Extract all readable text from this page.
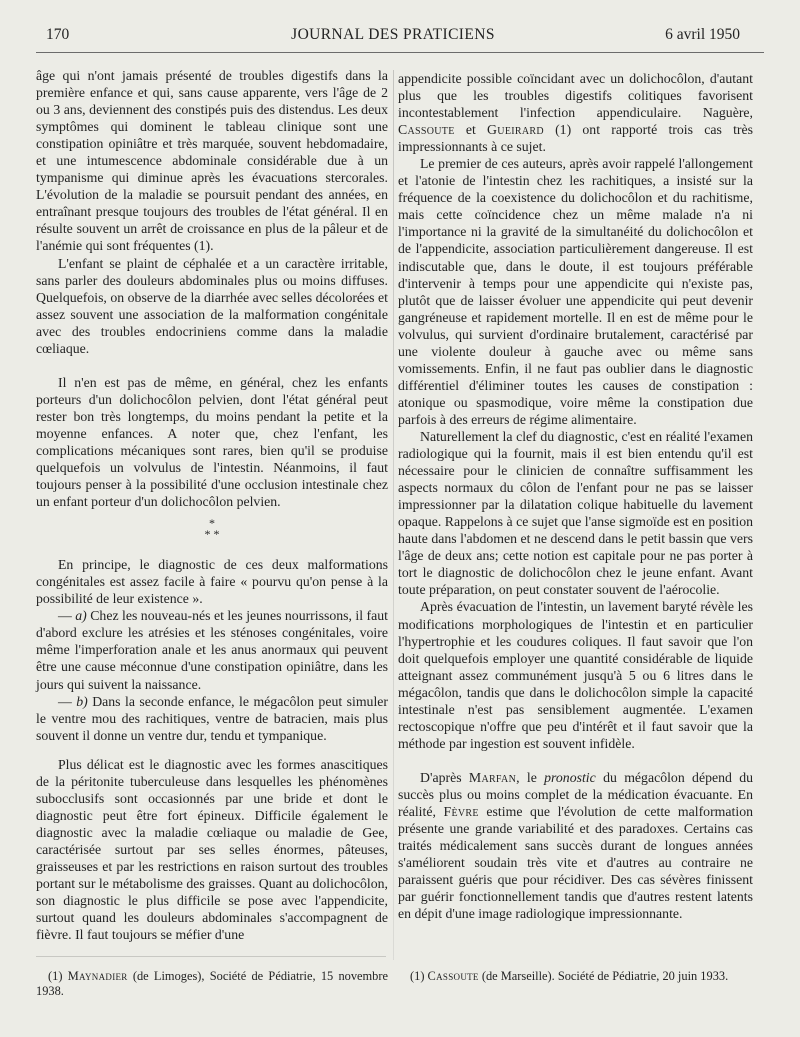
170	JOURNAL DES PRATICIENS	6 avril 1950

âge qui n'ont jamais présenté de troubles digestifs dans la première enfance et qui, sans cause apparente, vers l'âge de 2 ou 3 ans, deviennent des constipés puis des distendus. Les deux symptômes qui dominent le tableau clinique sont une constipation opiniâtre et très marquée, souvent hebdomadaire, et une intumescence abdominale considérable due à un tympanisme qui diminue après les évacuations stercorales. L'évolution de la maladie se poursuit pendant des années, en entraînant presque toujours des troubles de l'état général. Il en résulte souvent un arrêt de croissance en plus de la pâleur et de l'anémie qui sont fréquentes (1).

L'enfant se plaint de céphalée et a un caractère irritable, sans parler des douleurs abdominales plus ou moins diffuses. Quelquefois, on observe de la diarrhée avec selles décolorées et assez souvent une association de la malformation congénitale avec des troubles endocriniens comme dans la maladie cœliaque.

Il n'en est pas de même, en général, chez les enfants porteurs d'un dolichocôlon pelvien, dont l'état général peut rester bon très longtemps, du moins pendant la petite et la moyenne enfances. A noter que, chez l'enfant, les complications mécaniques sont rares, bien qu'il se produise quelquefois un volvulus de l'intestin. Néanmoins, il faut toujours penser à la possibilité d'une occlusion intestinale chez un enfant porteur d'un dolichocôlon pelvien.

*
* *

En principe, le diagnostic de ces deux malformations congénitales est assez facile à faire « pourvu qu'on pense à la possibilité de leur existence ».

— a) Chez les nouveau-nés et les jeunes nourrissons, il faut d'abord exclure les atrésies et les sténoses congénitales, voire même l'imperforation anale et les anus anormaux qui peuvent être une cause méconnue d'une constipation opiniâtre, dans les jours qui suivent la naissance.

— b) Dans la seconde enfance, le mégacôlon peut simuler le ventre mou des rachitiques, ventre de batracien, mais plus souvent il donne un ventre dur, tendu et tympanique.

Plus délicat est le diagnostic avec les formes anascitiques de la péritonite tuberculeuse dans lesquelles les phénomènes subocclusifs sont occasionnés par une bride et dont le diagnostic peut être fort épineux. Difficile également le diagnostic avec la maladie cœliaque ou maladie de Gee, caractérisée surtout par ses selles énormes, pâteuses, graisseuses et par les restrictions en raison surtout des troubles portant sur le métabolisme des graisses. Quant au dolichocôlon, son diagnostic le plus difficile se pose avec l'appendicite, surtout quand les douleurs abdominales s'accompagnent de fièvre. Il faut toujours se méfier d'une

appendicite possible coïncidant avec un dolichocôlon, d'autant plus que les troubles digestifs colitiques favorisent incontestablement l'infection appendiculaire. Naguère, Cassoute et Gueirard (1) ont rapporté trois cas très impressionnants à ce sujet.

Le premier de ces auteurs, après avoir rappelé l'allongement et l'atonie de l'intestin chez les rachitiques, a insisté sur la fréquence de la coexistence du dolichocôlon et du rachitisme, mais cette coïncidence chez un même malade n'a ni l'importance ni la gravité de la simultanéité du dolichocôlon et de l'appendicite, association particulièrement dangereuse. Il est indiscutable que, dans le doute, il est toujours préférable d'intervenir à temps pour une appendicite qui n'existe pas, plutôt que de laisser évoluer une appendicite qui peut devenir gangréneuse et rapidement mortelle. Il en est de même pour le volvulus, qui survient d'ordinaire brutalement, caractérisé par une violente douleur à gauche avec ou même sans vomissements. Enfin, il ne faut pas oublier dans le diagnostic différentiel d'éliminer toutes les causes de constipation : atonique ou spasmodique, voire même la constipation due parfois à des erreurs de régime alimentaire.

Naturellement la clef du diagnostic, c'est en réalité l'examen radiologique qui la fournit, mais il est bien entendu qu'il est nécessaire pour le clinicien de connaître suffisamment les aspects normaux du côlon de l'enfant pour ne pas se laisser impressionner par la dilatation colique habituelle du lavement opaque. Rappelons à ce sujet que l'anse sigmoïde est en position haute dans l'abdomen et ne descend dans le petit bassin que vers l'âge de deux ans; cette notion est capitale pour ne pas porter à tort le diagnostic de dolichocôlon chez le jeune enfant. Avant toute préparation, on peut constater souvent de l'aérocolie.

Après évacuation de l'intestin, un lavement baryté révèle les modifications morphologiques de l'intestin et en particulier l'hypertrophie et les coudures coliques. Il faut savoir que l'on doit quelquefois employer une quantité considérable de liquide atteignant assez communément jusqu'à 5 ou 6 litres dans le mégacôlon, tandis que dans le dolichocôlon simple la capacité intestinale n'est pas sensiblement augmentée. L'examen rectoscopique n'offre que peu d'intérêt et il faut savoir que la méthode par ingestion est souvent infidèle.

D'après Marfan, le pronostic du mégacôlon dépend du succès plus ou moins complet de la médication évacuante. En réalité, Fèvre estime que l'évolution de cette malformation présente une grande variabilité et des paradoxes. Certains cas traités médicalement sans succès durant de longues années s'améliorent soudain très vite et d'autres au contraire ne paraissent guéris que pour récidiver. Des cas sévères finissent par guérir fonctionnellement tandis que d'autres restent latents en dépit d'une image radiologique impressionnante.

(1) Maynadier (de Limoges), Société de Pédiatrie, 15 novembre 1938.

(1) Cassoute (de Marseille). Société de Pédiatrie, 20 juin 1933.
